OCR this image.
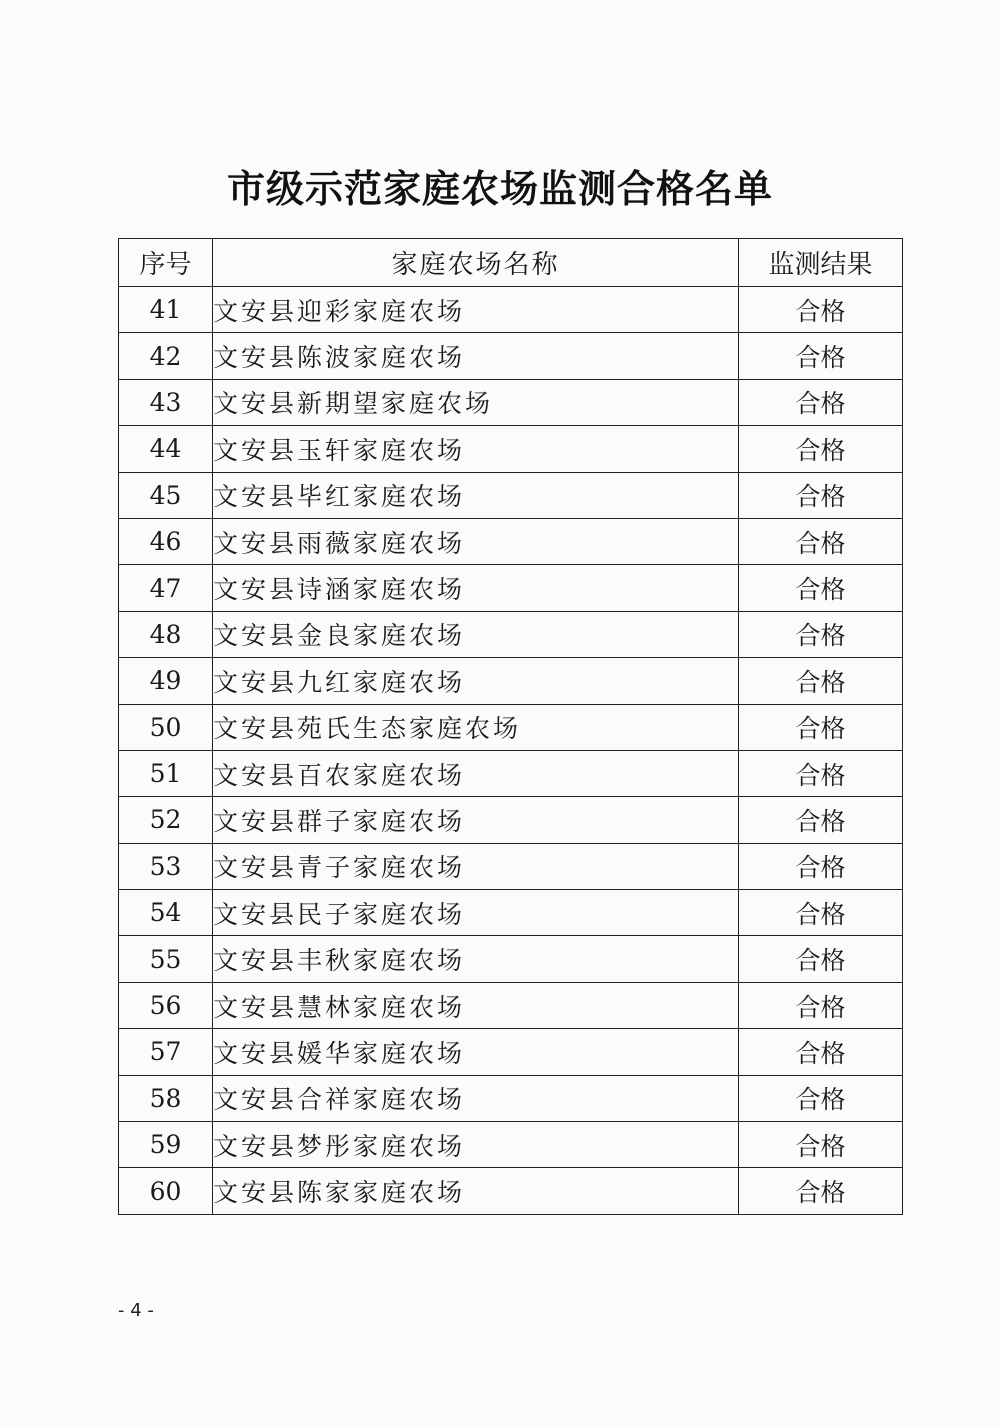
市级示范家庭农场监测合格名单
序号	家庭农场名称	监测结果
41	文安县迎彩家庭农场	合格
42	文安县陈波家庭农场	合格
43	文安县新期望家庭农场	合格
44	文安县玉轩家庭农场	合格
45	文安县毕红家庭农场	合格
46	文安县雨薇家庭农场	合格
47	文安县诗涵家庭农场	合格
48	文安县金良家庭农场	合格
49	文安县九红家庭农场	合格
50	文安县苑氏生态家庭农场	合格
51	文安县百农家庭农场	合格
52	文安县群子家庭农场	合格
53	文安县青子家庭农场	合格
54	文安县民子家庭农场	合格
55	文安县丰秋家庭农场	合格
56	文安县慧林家庭农场	合格
57	文安县媛华家庭农场	合格
58	文安县合祥家庭农场	合格
59	文安县梦彤家庭农场	合格
60	文安县陈家家庭农场	合格
- 4 -
